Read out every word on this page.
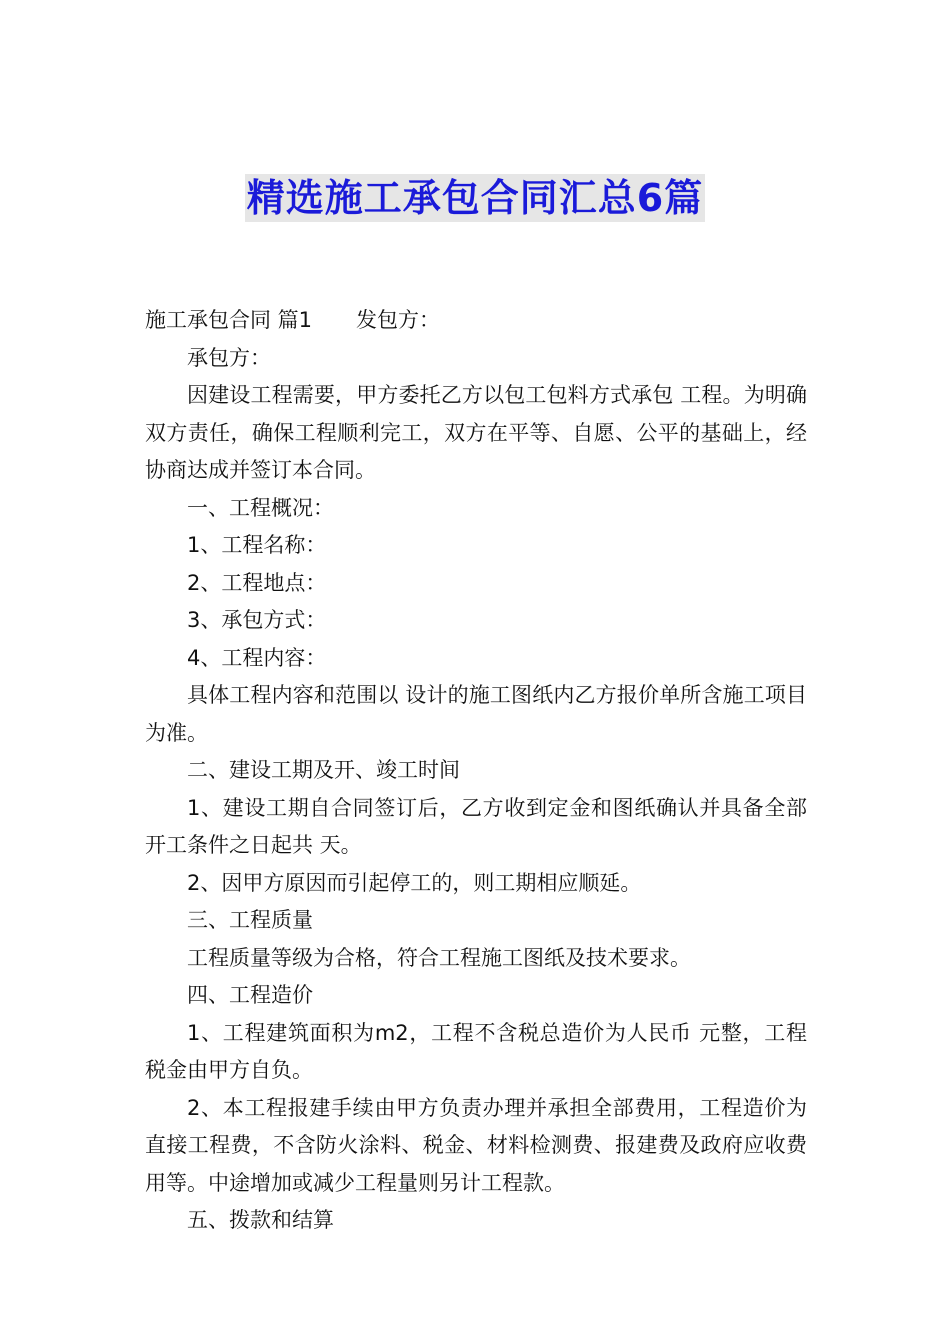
精选施工承包合同汇总6篇

施工承包合同 篇1 发包方：

承包方：

因建设工程需要，甲方委托乙方以包工包料方式承包 工程。为明确双方责任，确保工程顺利完工，双方在平等、自愿、公平的基础上，经协商达成并签订本合同。

一、工程概况：

1、工程名称：

2、工程地点：

3、承包方式：

4、工程内容：

具体工程内容和范围以 设计的施工图纸内乙方报价单所含施工项目为准。

二、建设工期及开、竣工时间

1、建设工期自合同签订后，乙方收到定金和图纸确认并具备全部开工条件之日起共 天。

2、因甲方原因而引起停工的，则工期相应顺延。

三、工程质量

工程质量等级为合格，符合工程施工图纸及技术要求。

四、工程造价

1、工程建筑面积为m2，工程不含税总造价为人民币 元整，工程税金由甲方自负。

2、本工程报建手续由甲方负责办理并承担全部费用，工程造价为直接工程费，不含防火涂料、税金、材料检测费、报建费及政府应收费用等。中途增加或减少工程量则另计工程款。

五、拨款和结算
